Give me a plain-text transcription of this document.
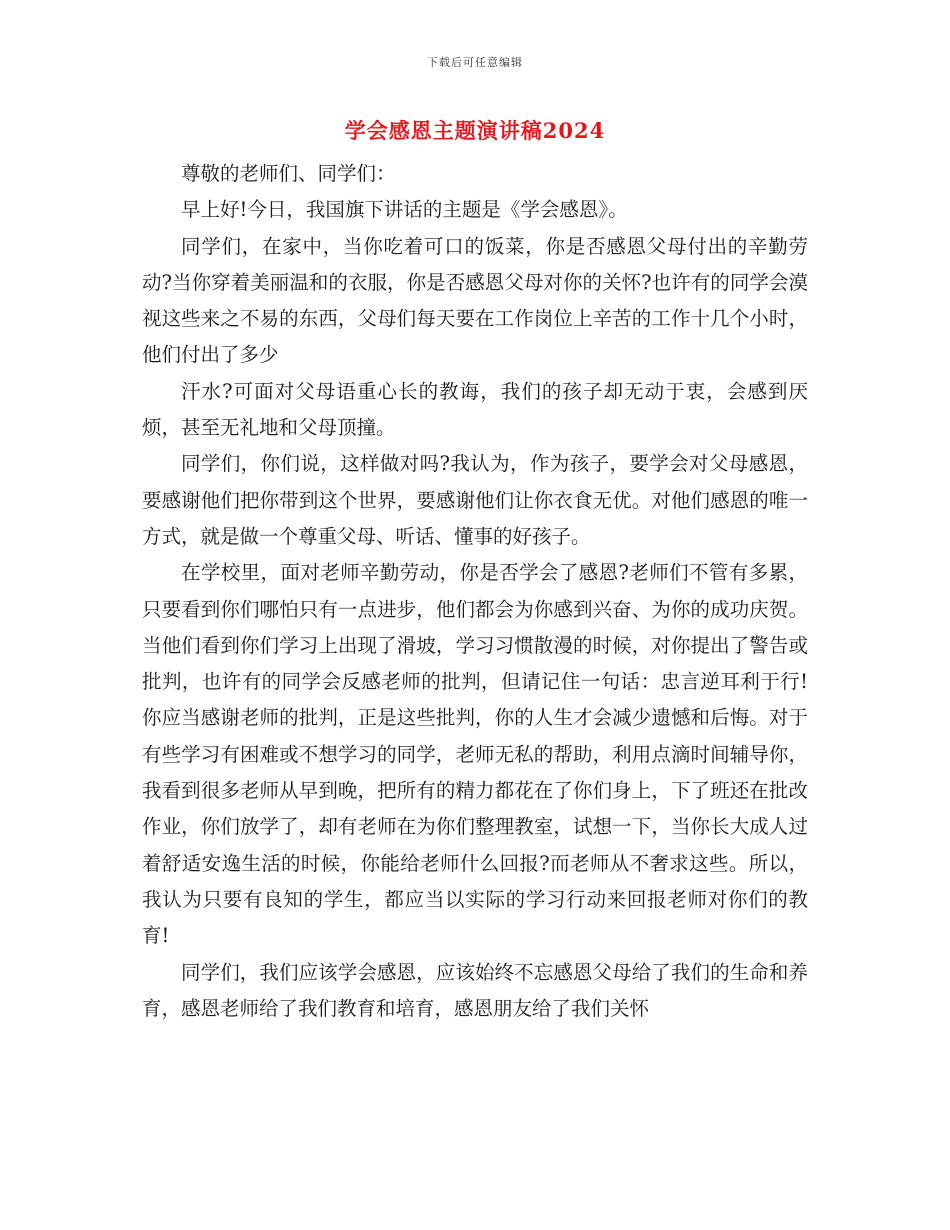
下载后可任意编辑
学会感恩主题演讲稿2024

尊敬的老师们、同学们：

早上好!今日，我国旗下讲话的主题是《学会感恩》。

同学们，在家中，当你吃着可口的饭菜，你是否感恩父母付出的辛勤劳动?当你穿着美丽温和的衣服，你是否感恩父母对你的关怀?也许有的同学会漠视这些来之不易的东西，父母们每天要在工作岗位上辛苦的工作十几个小时，他们付出了多少

汗水?可面对父母语重心长的教诲，我们的孩子却无动于衷，会感到厌烦，甚至无礼地和父母顶撞。

同学们，你们说，这样做对吗?我认为，作为孩子，要学会对父母感恩，要感谢他们把你带到这个世界，要感谢他们让你衣食无优。对他们感恩的唯一方式，就是做一个尊重父母、听话、懂事的好孩子。

在学校里，面对老师辛勤劳动，你是否学会了感恩?老师们不管有多累，只要看到你们哪怕只有一点进步，他们都会为你感到兴奋、为你的成功庆贺。当他们看到你们学习上出现了滑坡，学习习惯散漫的时候，对你提出了警告或批判，也许有的同学会反感老师的批判，但请记住一句话：忠言逆耳利于行!你应当感谢老师的批判，正是这些批判，你的人生才会减少遗憾和后悔。对于有些学习有困难或不想学习的同学，老师无私的帮助，利用点滴时间辅导你，我看到很多老师从早到晚，把所有的精力都花在了你们身上，下了班还在批改作业，你们放学了，却有老师在为你们整理教室，试想一下，当你长大成人过着舒适安逸生活的时候，你能给老师什么回报?而老师从不奢求这些。所以，我认为只要有良知的学生，都应当以实际的学习行动来回报老师对你们的教育!

同学们，我们应该学会感恩，应该始终不忘感恩父母给了我们的生命和养育，感恩老师给了我们教育和培育，感恩朋友给了我们关怀
